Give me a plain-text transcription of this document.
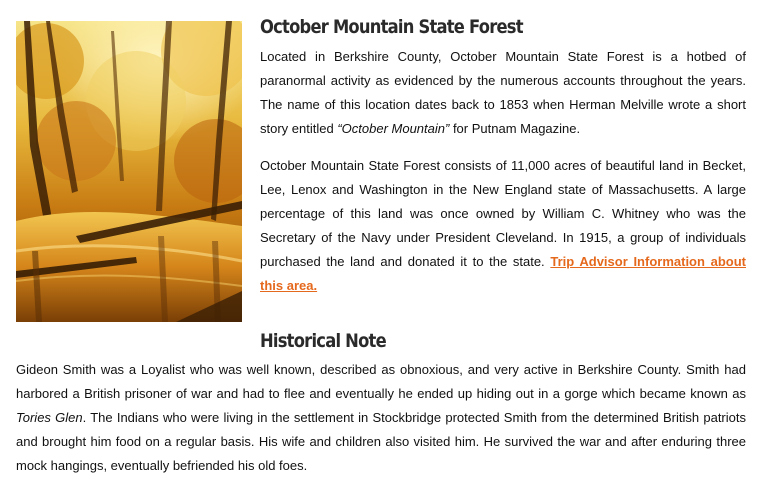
October Mountain State Forest

Located in Berkshire County, October Mountain State Forest is a hotbed of paranormal activity as evidenced by the numerous accounts throughout the years. The name of this location dates back to 1853 when Herman Melville wrote a short story entitled “October Mountain” for Putnam Magazine.

October Mountain State Forest consists of 11,000 acres of beautiful land in Becket, Lee, Lenox and Washington in the New England state of Massachusetts. A large percentage of this land was once owned by William C. Whitney who was the Secretary of the Navy under President Cleveland. In 1915, a group of individuals purchased the land and donated it to the state. Trip Advisor Information about this area.

Historical Note

Gideon Smith was a Loyalist who was well known, described as obnoxious, and very active in Berkshire County. Smith had harbored a British prisoner of war and had to flee and eventually he ended up hiding out in a gorge which became known as Tories Glen. The Indians who were living in the settlement in Stockbridge protected Smith from the determined British patriots and brought him food on a regular basis. His wife and children also visited him. He survived the war and after enduring three mock hangings, eventually befriended his old foes.
